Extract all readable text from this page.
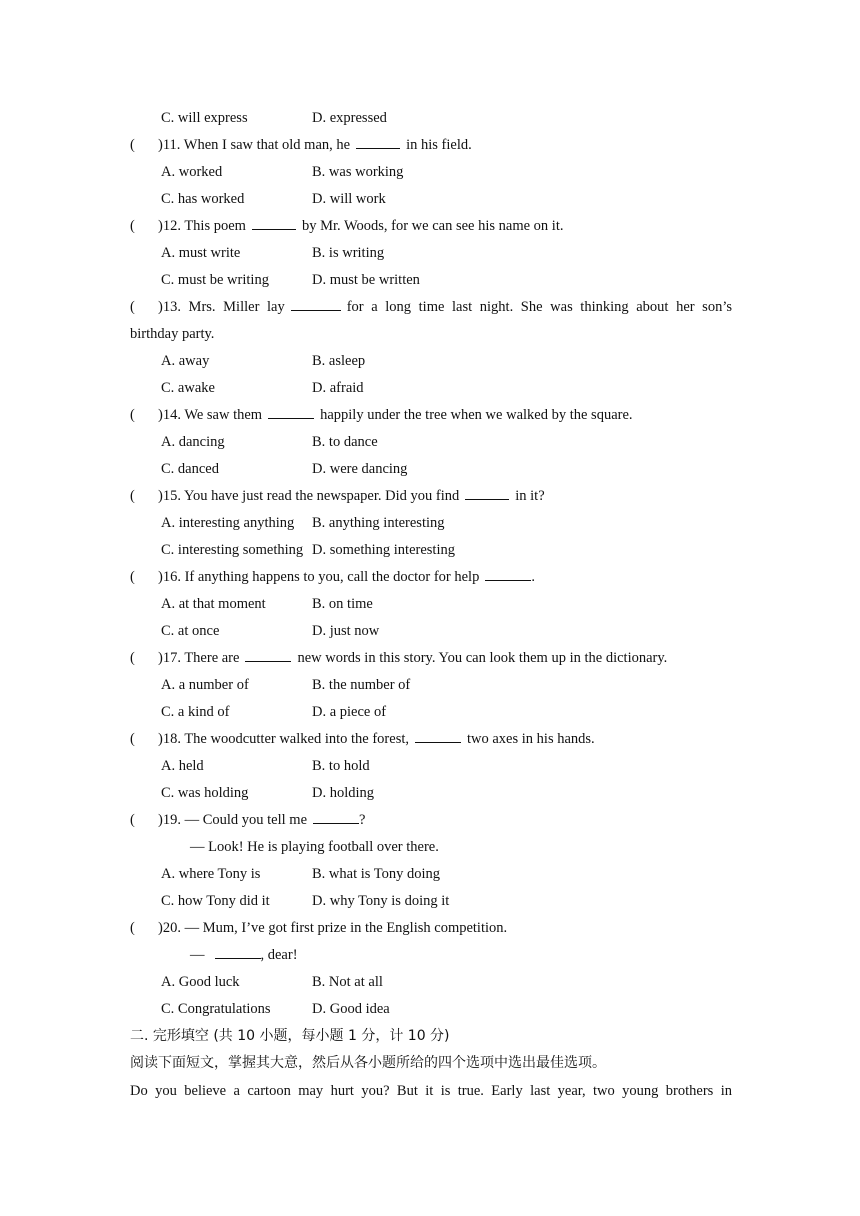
C. will express	D. expressed
( )11. When I saw that old man, he	in his field.
A. worked	B. was working
C. has worked	D. will work
( )12. This poem	by Mr. Woods, for we can see his name on it.
A. must write	B. is writing
C. must be writing	D. must be written
( )13. Mrs. Miller lay	for a long time last night. She was thinking about her son’s
birthday party.
A. away	B. asleep
C. awake	D. afraid
( )14. We saw them	happily under the tree when we walked by the square.
A. dancing	B. to dance
C. danced	D. were dancing
( )15. You have just read the newspaper. Did you find	in it?
A. interesting anything B. anything interesting
C. interesting something D. something interesting
( )16. If anything happens to you, call the doctor for help	.
A. at that moment	B. on time
C. at once	D. just now
( )17. There are	new words in this story. You can look them up in the dictionary.
A. a number of	B. the number of
C. a kind of	D. a piece of
( )18. The woodcutter walked into the forest,	two axes in his hands.
A. held	B. to hold
C. was holding	D. holding
( )19. — Could you tell me	?
— Look! He is playing football over there.
A. where Tony is	B. what is Tony doing
C. how Tony did it	D. why Tony is doing it
( )20. — Mum, I’ve got first prize in the English competition.
—	, dear!
A. Good luck	B. Not at all
C. Congratulations	D. Good idea
二. 完形填空 (共 10 小题，每小题 1 分，计 10 分)
阅读下面短文，掌握其大意，然后从各小题所给的四个选项中选出最佳选项。
Do you believe a cartoon may hurt you? But it is true. Early last year, two young brothers in
